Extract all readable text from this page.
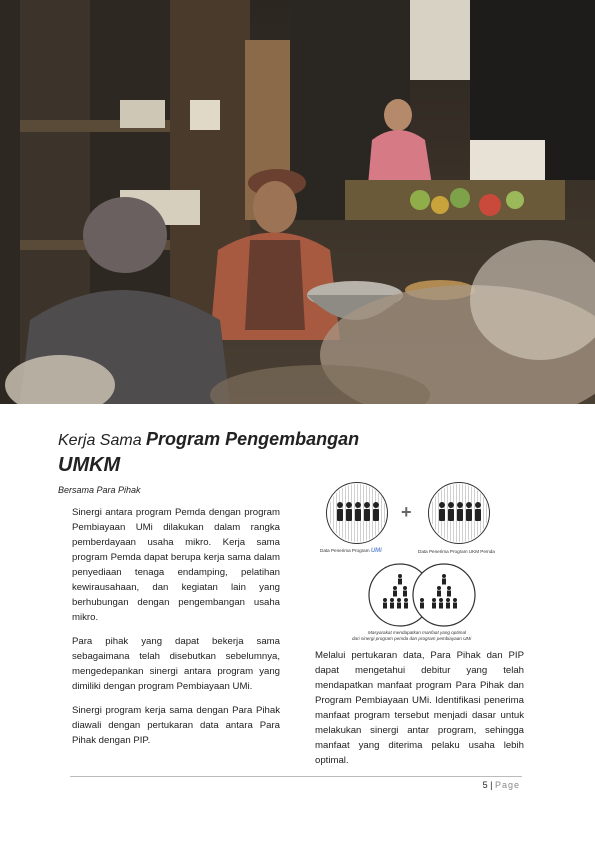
Kerja Sama Program Pengembangan
UMKM
Bersama Para Pihak

Sinergi antara program Pemda dengan program Pembiayaan UMi dilakukan dalam rangka pemberdayaan usaha mikro. Kerja sama program Pemda dapat berupa kerja sama dalam penyediaan tenaga endamping, pelatihan kewirausahaan, dan kegiatan lain yang berhubungan dengan pengembangan usaha mikro.

Para pihak yang dapat bekerja sama sebagaimana telah disebutkan sebelumnya, mengedepankan sinergi antara program yang dimiliki dengan program Pembiayaan UMi.

Sinergi program kerja sama dengan Para Pihak diawali dengan pertukaran data antara Para Pihak dengan PIP.

+
Data Penerima Program UMi	Data Penerima Program UKM Pemda
Masyarakat mendapatkan manfaat yang optimal
dari sinergi program pemda dan program pembiayaan UMi

Melalui pertukaran data, Para Pihak dan PIP dapat mengetahui debitur yang telah mendapatkan manfaat program Para Pihak dan Program Pembiayaan UMi. Identifikasi penerima manfaat program tersebut menjadi dasar untuk melakukan sinergi antar program, sehingga manfaat yang diterima pelaku usaha lebih optimal.

5 | Page
